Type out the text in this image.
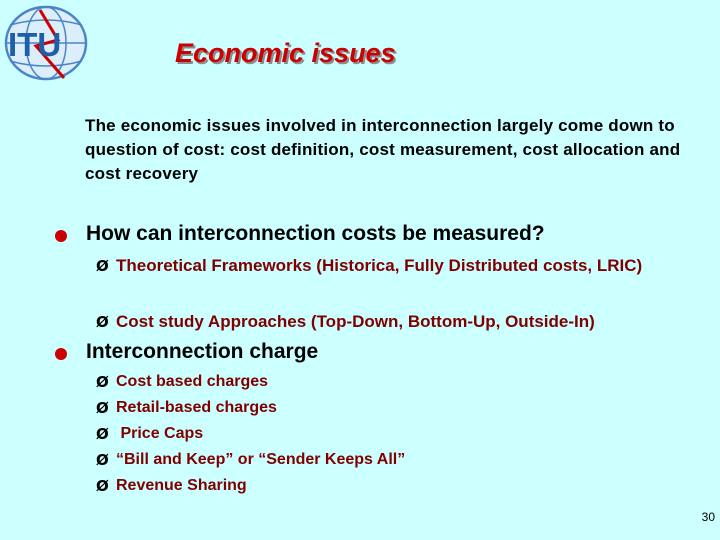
ITU	Economic issues
The economic issues involved in interconnection largely come down to question of cost: cost definition, cost measurement, cost allocation and cost recovery
How can interconnection costs be measured?
Ø Theoretical Frameworks (Historica, Fully Distributed costs, LRIC)
Ø Cost study Approaches (Top-Down, Bottom-Up, Outside-In)
Interconnection charge
Ø Cost based charges
Ø Retail-based charges
Ø Price Caps
Ø “Bill and Keep” or “Sender Keeps All”
Ø Revenue Sharing
30
